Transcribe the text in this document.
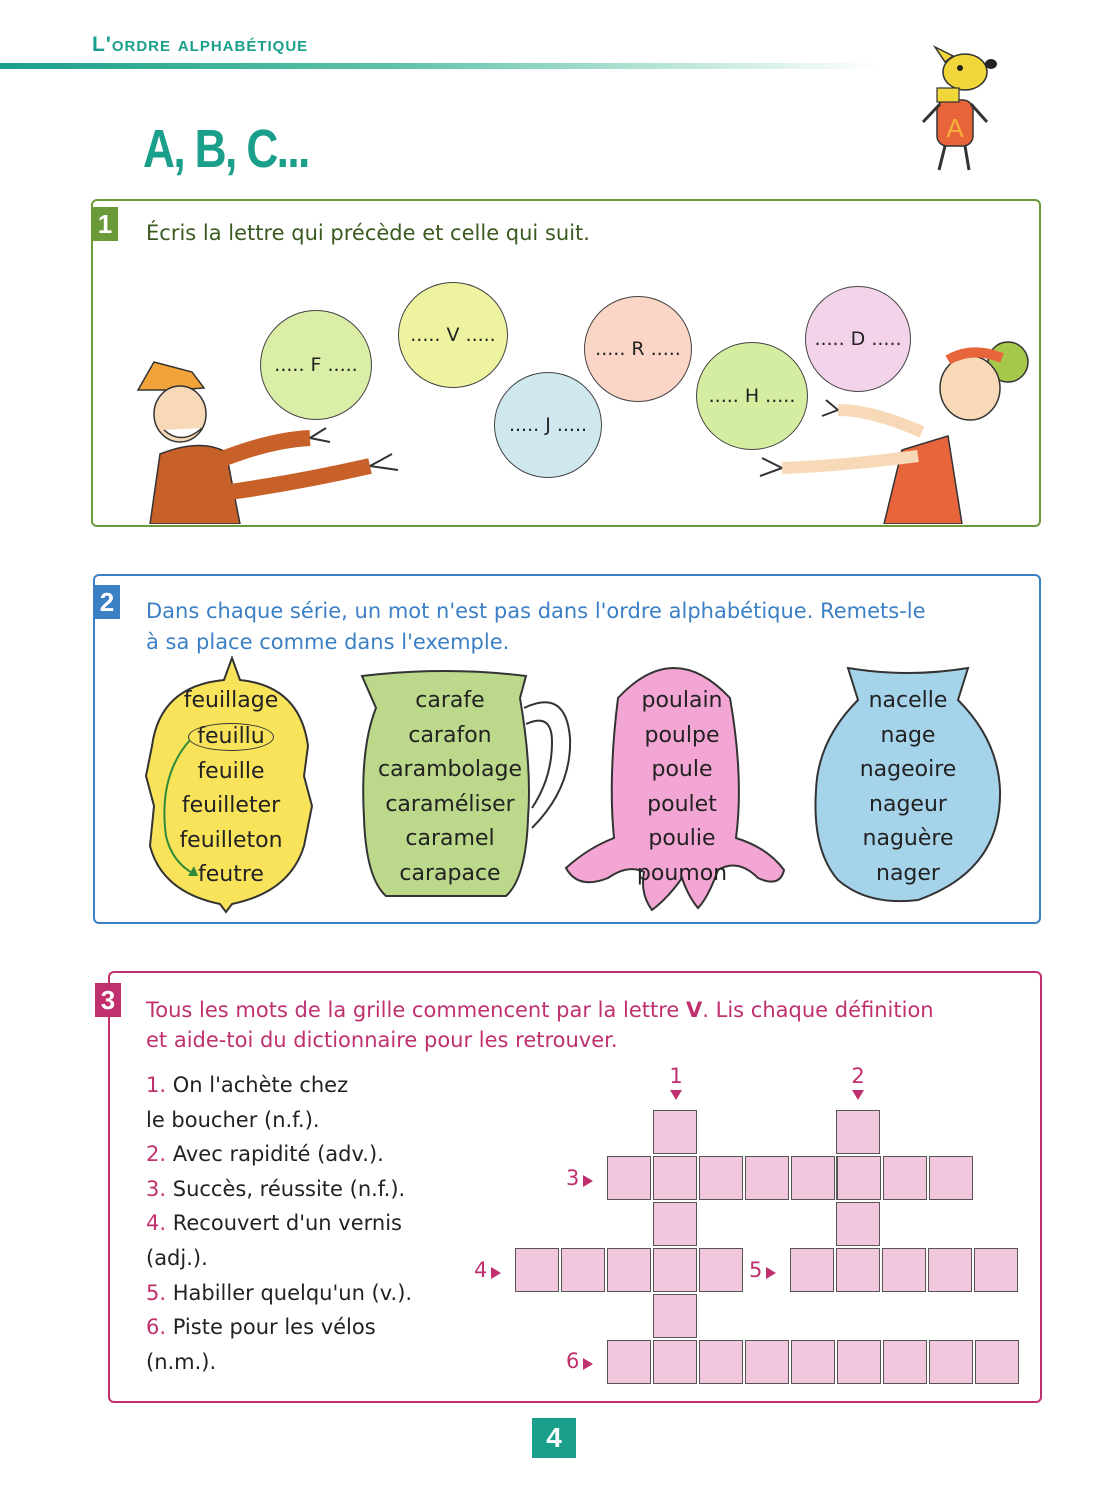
L'ordre alphabétique
A, B, C...	A
1 Écris la lettre qui précède et celle qui suit.
..... F .....
..... V .....
..... J .....
..... R .....
..... H .....
..... D .....
2 Dans chaque série, un mot n'est pas dans l'ordre alphabétique. Remets-le
à sa place comme dans l'exemple.
feuillage
feuillu
feuille
feuilleter
feuilleton
feutre
carafe
carafon
carambolage
caraméliser
caramel
carapace
poulain
poulpe
poule
poulet
poulie
poumon
nacelle
nage
nageoire
nageur
naguère
nager
3 Tous les mots de la grille commencent par la lettre V. Lis chaque définition
et aide-toi du dictionnaire pour les retrouver.
1. On l'achète chez
le boucher (n.f.).
2. Avec rapidité (adv.).
3. Succès, réussite (n.f.).
4. Recouvert d'un vernis
(adj.).
5. Habiller quelqu'un (v.).
6. Piste pour les vélos
(n.m.).
1	2
3
4	5
6
4
